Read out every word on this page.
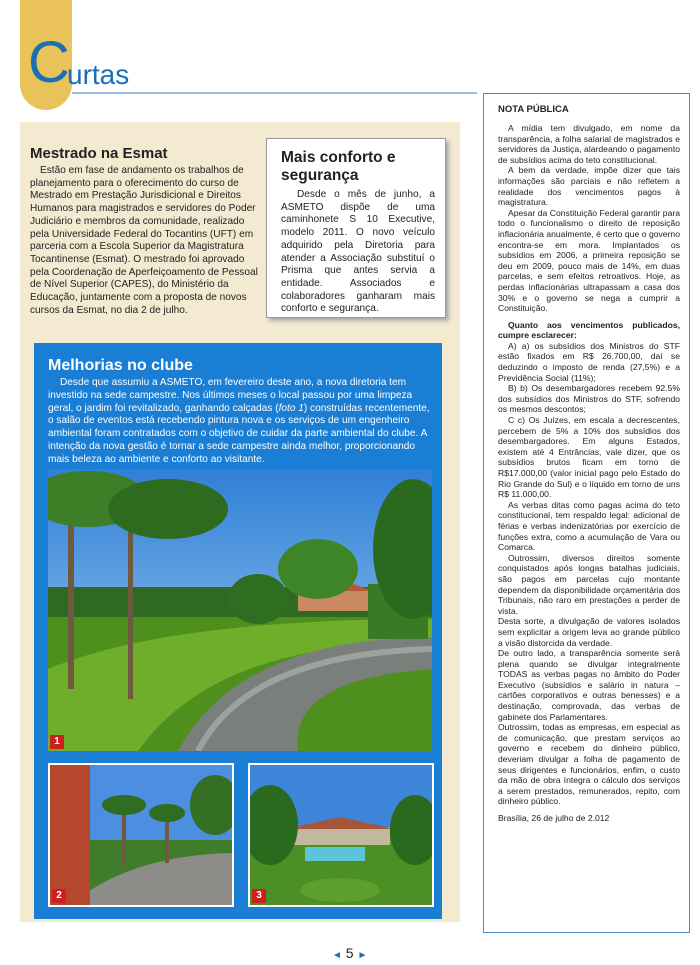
C
urtas
Mestrado na Esmat

Estão em fase de andamento os trabalhos de planejamento para o oferecimento do curso de Mestrado em Prestação Jurisdicional e Direitos Humanos para magistrados e servidores do Poder Judiciário e membros da comunidade, realizado pela Universidade Federal do Tocantins (UFT) em parceria com a Escola Superior da Magistratura Tocantinense (Esmat). O mestrado foi aprovado pela Coordenação de Aperfeiçoamento de Pessoal de Nível Superior (CAPES), do Ministério da Educação, juntamente com a proposta de novos cursos da Esmat, no dia 2 de julho.

Mais conforto e segurança

Desde o mês de junho, a ASMETO dispõe de uma caminhonete S 10 Executive, modelo 2011. O novo veículo adquirido pela Diretoria para atender a Associação substituí o Prisma que antes servia a entidade. Associados e colaboradores ganharam mais conforto e segurança.

Melhorias no clube

Desde que assumiu a ASMETO, em fevereiro deste ano, a nova diretoria tem investido na sede campestre. Nos últimos meses o local passou por uma limpeza geral, o jardim foi revitalizado, ganhando calçadas (foto 1) construídas recentemente, o salão de eventos está recebendo pintura nova e os serviços de um engenheiro ambiental foram contratados com o objetivo de cuidar da parte ambiental do clube. A intenção da nova gestão é tornar a sede campestre ainda melhor, proporcionando mais beleza ao ambiente e conforto ao visitante.

1
2	3
NOTA PÚBLICA

A mídia tem divulgado, em nome da transparência, a folha salarial de magistrados e servidores da Justiça, alardeando o pagamento de subsídios acima do teto constitucional.

A bem da verdade, impõe dizer que tais informações são parciais e não refletem a realidade dos vencimentos pagos à magistratura.

Apesar da Constituição Federal garantir para todo o funcionalismo o direito de reposição inflacionária anualmente, é certo que o governo encontra-se em mora. Implantados os subsídios em 2006, a primeira reposição se deu em 2009, pouco mais de 14%, em duas parcelas, e sem efeitos retroativos. Hoje, as perdas inflacionárias ultrapassam a casa dos 30% e o governo se nega a cumprir a Constituição.

Quanto aos vencimentos publicados, cumpre esclarecer:

A) a) os subsídios dos Ministros do STF estão fixados em R$ 26.700,00, daí se deduzindo o imposto de renda (27,5%) e a Previdência Social (11%);

B) b) Os desembargadores recebem 92.5% dos subsídios dos Ministros do STF, sofrendo os mesmos descontos;

C c) Os Juízes, em escala a decrescentes, percebem de 5% a 10% dos subsídios dos desembargadores. Em alguns Estados, existem até 4 Entrâncias, vale dizer, que os subsídios brutos ficam em torno de R$17.000,00 (valor inicial pago pelo Estado do Rio Grande do Sul) e o líquido em torno de uns R$ 11.000,00.

As verbas ditas como pagas acima do teto constitucional, tem respaldo legal: adicional de férias e verbas indenizatórias por exercício de funções extra, como a acumulação de Vara ou Comarca.

Outrossim, diversos direitos somente conquistados após longas batalhas judiciais, são pagos em parcelas cujo montante dependem da disponibilidade orçamentária dos Tribunais, não raro em prestações a perder de vista.

Desta sorte, a divulgação de valores isolados sem explicitar a origem leva ao grande público a visão distorcida da verdade.

De outro lado, a transparência somente será plena quando se divulgar integralmente TODAS as verbas pagas no âmbito do Poder Executivo (subsídios e salário in natura – cartões corporativos e outras benesses) e a destinação, comprovada, das verbas de gabinete dos Parlamentares.

Outrossim, todas as empresas, em especial as de comunicação, que prestam serviços ao governo e recebem do dinheiro público, deveriam divulgar a folha de pagamento de seus dirigentes e funcionários, enfim, o custo da mão de obra íntegra o cálculo dos serviços a serem prestados, remunerados, repito, com dinheiro público.

Brasília, 26 de julho de 2.012

◄ 5 ►
